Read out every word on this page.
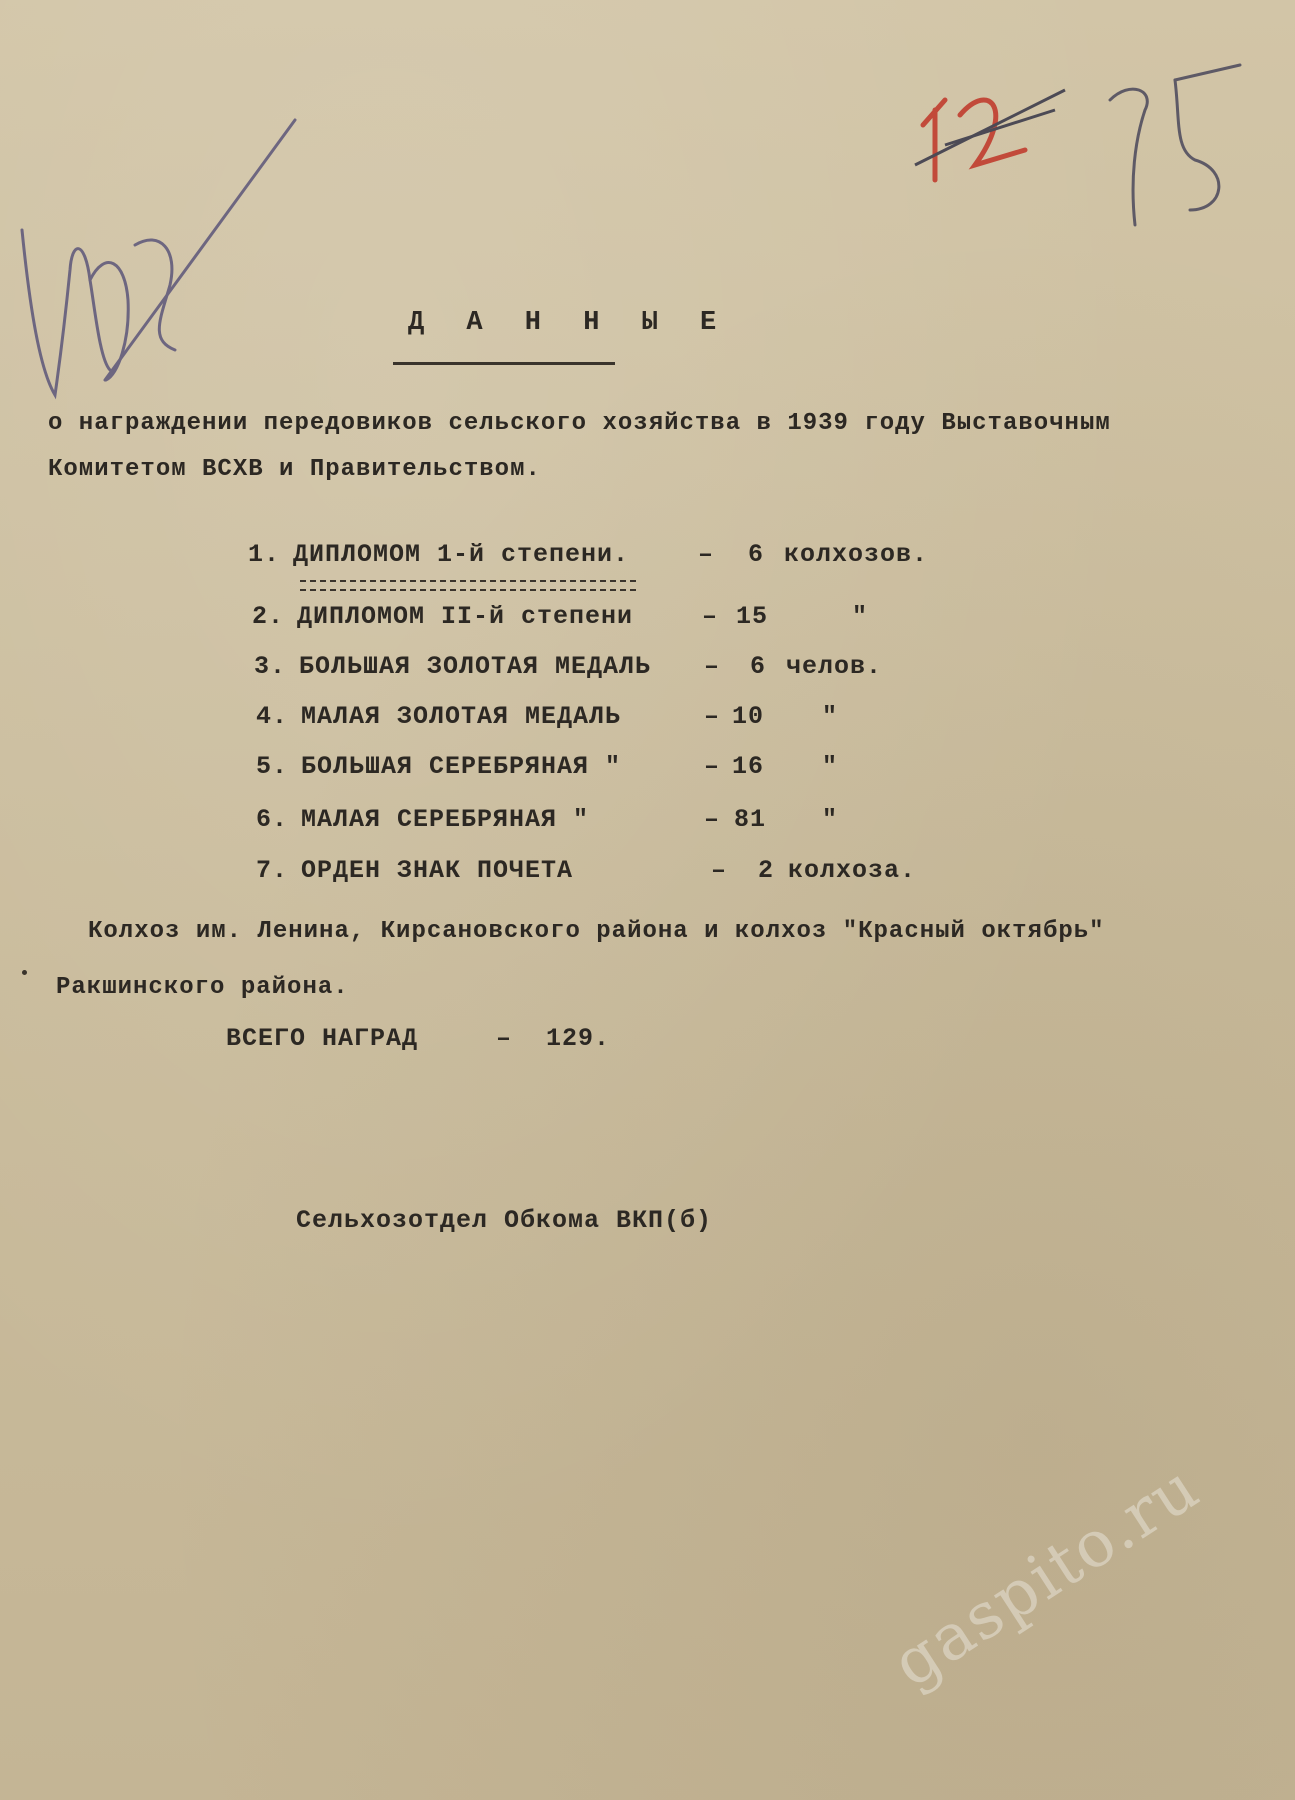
Д А Н Н Ы Е
о награждении передовиков сельского хозяйства в 1939 году Выставочным
Комитетом ВСХВ и Правительством.
1. ДИПЛОМОМ 1-й степени.	– 6 колхозов.
2. ДИПЛОМОМ II-й степени	– 15	"
3. БОЛЬШАЯ ЗОЛОТАЯ МЕДАЛЬ – 6 челов.
4. МАЛАЯ ЗОЛОТАЯ МЕДАЛЬ	– 10 "
5. БОЛЬШАЯ СЕРЕБРЯНАЯ "	– 16 "
6. МАЛАЯ СЕРЕБРЯНАЯ "	– 81 "
7. ОРДЕН ЗНАК ПОЧЕТА	– 2 колхоза.
Колхоз им. Ленина, Кирсановского района и колхоз "Красный октябрь"
Ракшинского района.
ВСЕГО НАГРАД	– 129.
Сельхозотдел Обкома ВКП(б)
gaspito.ru
